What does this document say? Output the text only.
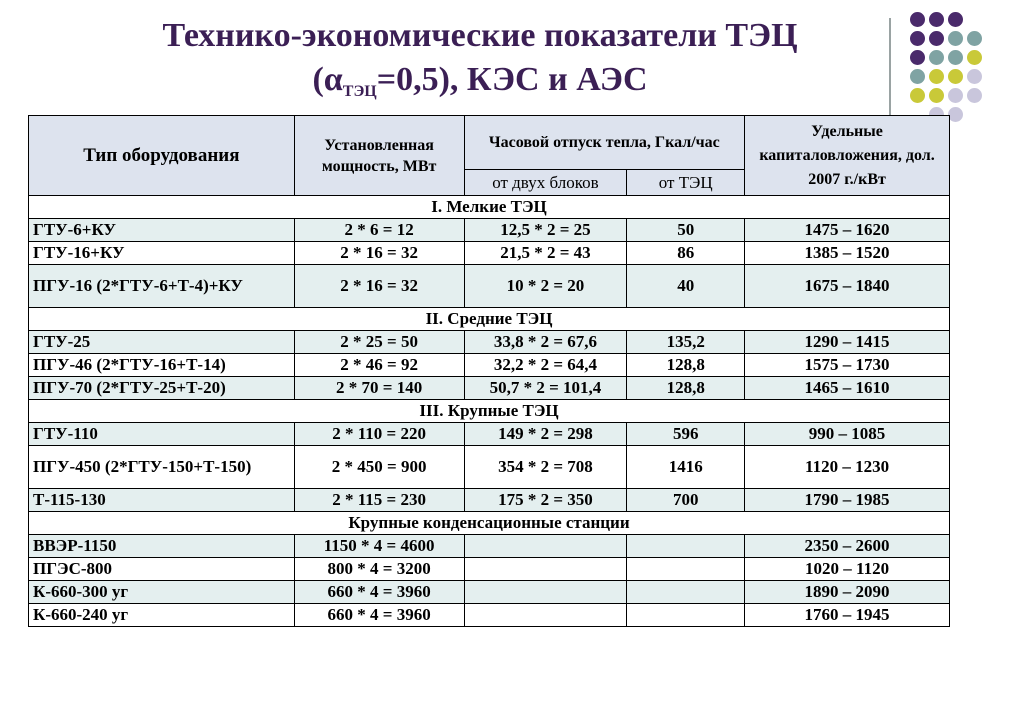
Технико-экономические показатели ТЭЦ
$(\alpha_{ТЭЦ}=0,5)$, КЭС и АЭС
Тип оборудования	Установленная мощность, МВт	Часовой отпуск тепла, Гкал/час		Удельные капиталовложения, дол. 2007 г./кВт
		от двух блоков	от ТЭЦ	
I. Мелкие ТЭЦ				
ГТУ-6+КУ	2 * 6 = 12	12,5 * 2 = 25	50	1475 – 1620
ГТУ-16+КУ	2 * 16 = 32	21,5 * 2 = 43	86	1385 – 1520
ПГУ-16 (2*ГТУ-6+Т-4)+КУ	2 * 16 = 32	10 * 2 = 20	40	1675 – 1840
II. Средние ТЭЦ				
ГТУ-25	2 * 25 = 50	33,8 * 2 = 67,6	135,2	1290 – 1415
ПГУ-46 (2*ГТУ-16+Т-14)	2 * 46 = 92	32,2 * 2 = 64,4	128,8	1575 – 1730
ПГУ-70 (2*ГТУ-25+Т-20)	2 * 70 = 140	50,7 * 2 = 101,4	128,8	1465 – 1610
III. Крупные ТЭЦ				
ГТУ-110	2 * 110 = 220	149 * 2 = 298	596	990 – 1085
ПГУ-450 (2*ГТУ-150+Т-150)	2 * 450 = 900	354 * 2 = 708	1416	1120 – 1230
Т-115-130	2 * 115 = 230	175 * 2 = 350	700	1790 – 1985
Крупные конденсационные станции				
ВВЭР-1150	1150 * 4 = 4600			2350 – 2600
ПГЭС-800	800 * 4 = 3200			1020 – 1120
К-660-300 уг	660 * 4 = 3960			1890 – 2090
К-660-240 уг	660 * 4 = 3960			1760 – 1945
